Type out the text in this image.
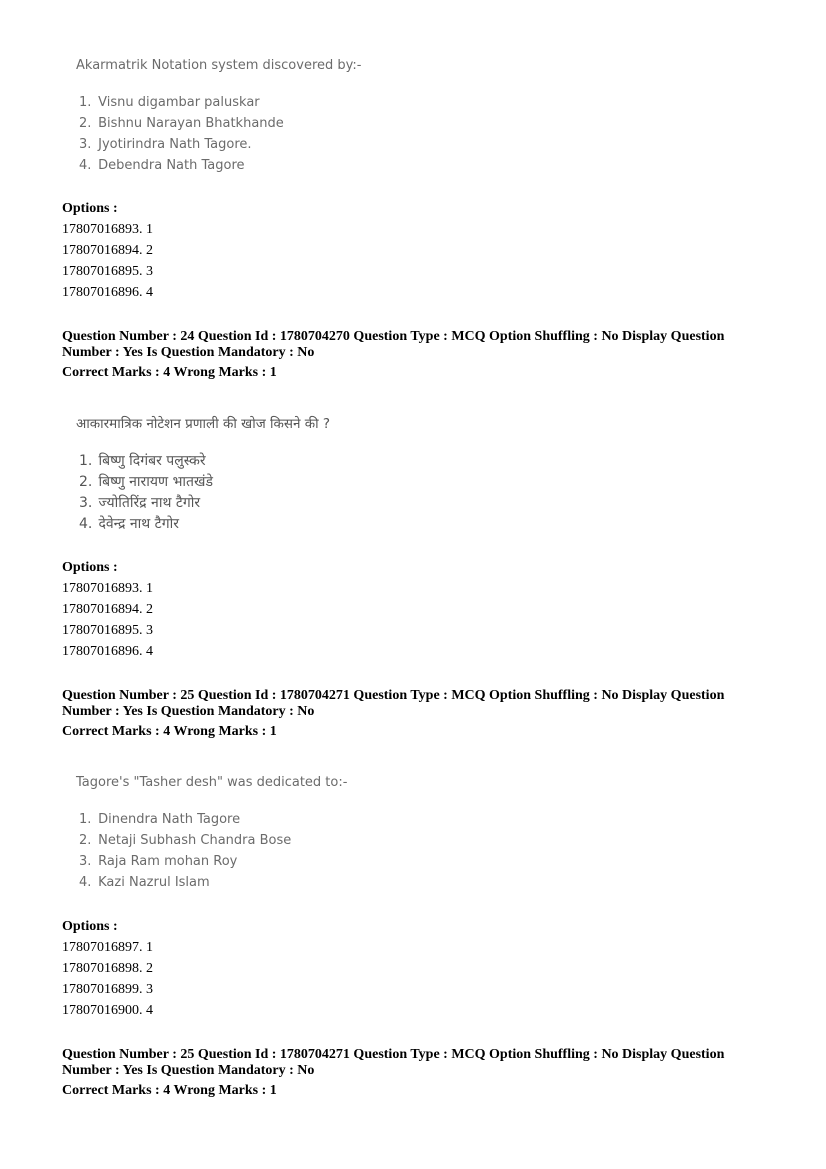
Akarmatrik Notation system discovered by:-
1. Visnu digambar paluskar
2. Bishnu Narayan Bhatkhande
3. Jyotirindra Nath Tagore.
4. Debendra Nath Tagore
Options :
17807016893. 1
17807016894. 2
17807016895. 3
17807016896. 4
Question Number : 24 Question Id : 1780704270 Question Type : MCQ Option Shuffling : No Display Question
Number : Yes Is Question Mandatory : No
Correct Marks : 4 Wrong Marks : 1
आकारमात्रिक नोटेशन प्रणाली की खोज किसने की ?
1. बिष्णु दिगंबर पलुस्करे
2. बिष्णु नारायण भातखंडे
3. ज्योतिरिंद्र नाथ टैगोर
4. देवेन्द्र नाथ टैगोर
Options :
17807016893. 1
17807016894. 2
17807016895. 3
17807016896. 4
Question Number : 25 Question Id : 1780704271 Question Type : MCQ Option Shuffling : No Display Question
Number : Yes Is Question Mandatory : No
Correct Marks : 4 Wrong Marks : 1
Tagore's "Tasher desh" was dedicated to:-
1. Dinendra Nath Tagore
2. Netaji Subhash Chandra Bose
3. Raja Ram mohan Roy
4. Kazi Nazrul Islam
Options :
17807016897. 1
17807016898. 2
17807016899. 3
17807016900. 4
Question Number : 25 Question Id : 1780704271 Question Type : MCQ Option Shuffling : No Display Question
Number : Yes Is Question Mandatory : No
Correct Marks : 4 Wrong Marks : 1
